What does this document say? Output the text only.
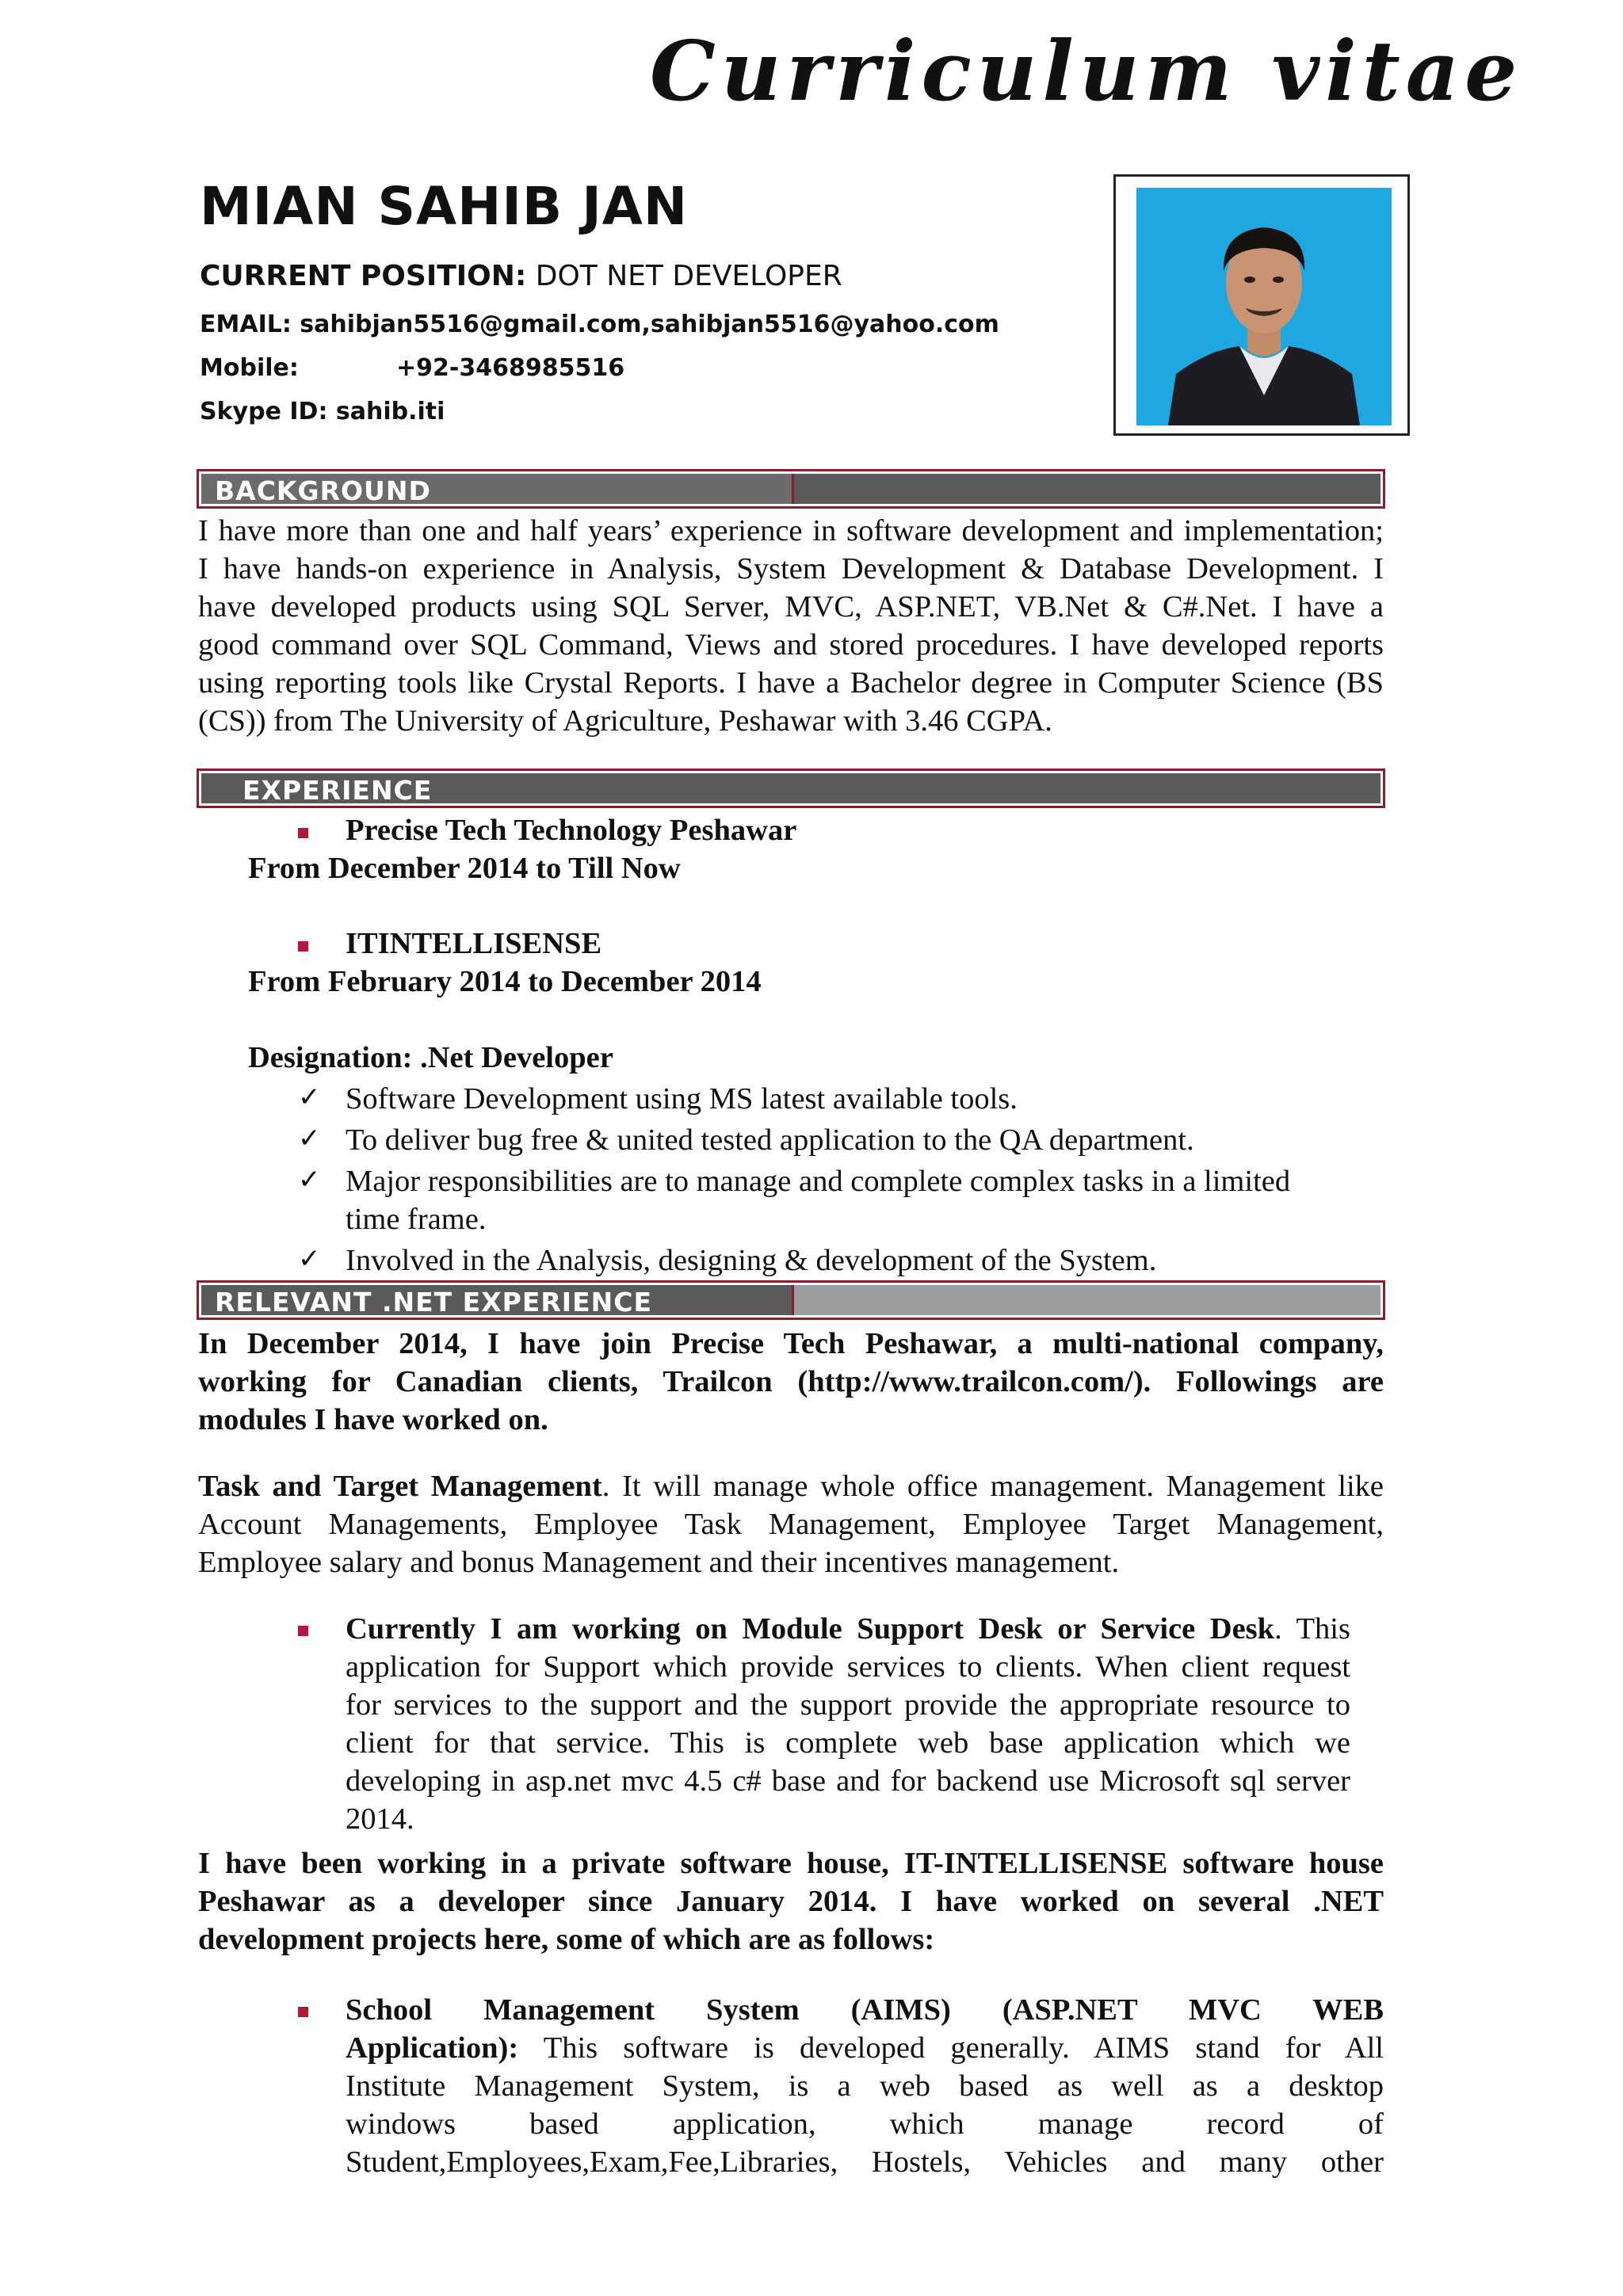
Curriculum vitae
MIAN SAHIB JAN
CURRENT POSITION: DOT NET DEVELOPER
EMAIL: sahibjan5516@gmail.com,sahibjan5516@yahoo.com
Mobile:	+92-3468985516
Skype ID: sahib.iti
BACKGROUND
I have more than one and half years’ experience in software development and implementation;
I have hands-on experience in Analysis, System Development & Database Development. I
have developed products using SQL Server, MVC, ASP.NET, VB.Net & C#.Net. I have a
good command over SQL Command, Views and stored procedures. I have developed reports
using reporting tools like Crystal Reports. I have a Bachelor degree in Computer Science (BS
(CS)) from The University of Agriculture, Peshawar with 3.46 CGPA.
EXPERIENCE
Precise Tech Technology Peshawar
From December 2014 to Till Now
ITINTELLISENSE
From February 2014 to December 2014
Designation: .Net Developer
✓ Software Development using MS latest available tools.
✓ To deliver bug free & united tested application to the QA department.
✓ Major responsibilities are to manage and complete complex tasks in a limited
time frame.
✓ Involved in the Analysis, designing & development of the System.
RELEVANT .NET EXPERIENCE
In December 2014, I have join Precise Tech Peshawar, a multi-national company,
working for Canadian clients, Trailcon (http://www.trailcon.com/). Followings are
modules I have worked on.
Task and Target Management. It will manage whole office management. Management like
Account Managements, Employee Task Management, Employee Target Management,
Employee salary and bonus Management and their incentives management.
Currently I am working on Module Support Desk or Service Desk. This
application for Support which provide services to clients. When client request
for services to the support and the support provide the appropriate resource to
client for that service. This is complete web base application which we
developing in asp.net mvc 4.5 c# base and for backend use Microsoft sql server
2014.
I have been working in a private software house, IT-INTELLISENSE software house
Peshawar as a developer since January 2014. I have worked on several .NET
development projects here, some of which are as follows:
School Management System (AIMS) (ASP.NET MVC WEB
Application): This software is developed generally. AIMS stand for All
Institute Management System, is a web based as well as a desktop
windows based application, which manage record of
Student,Employees,Exam,Fee,Libraries, Hostels, Vehicles and many other
